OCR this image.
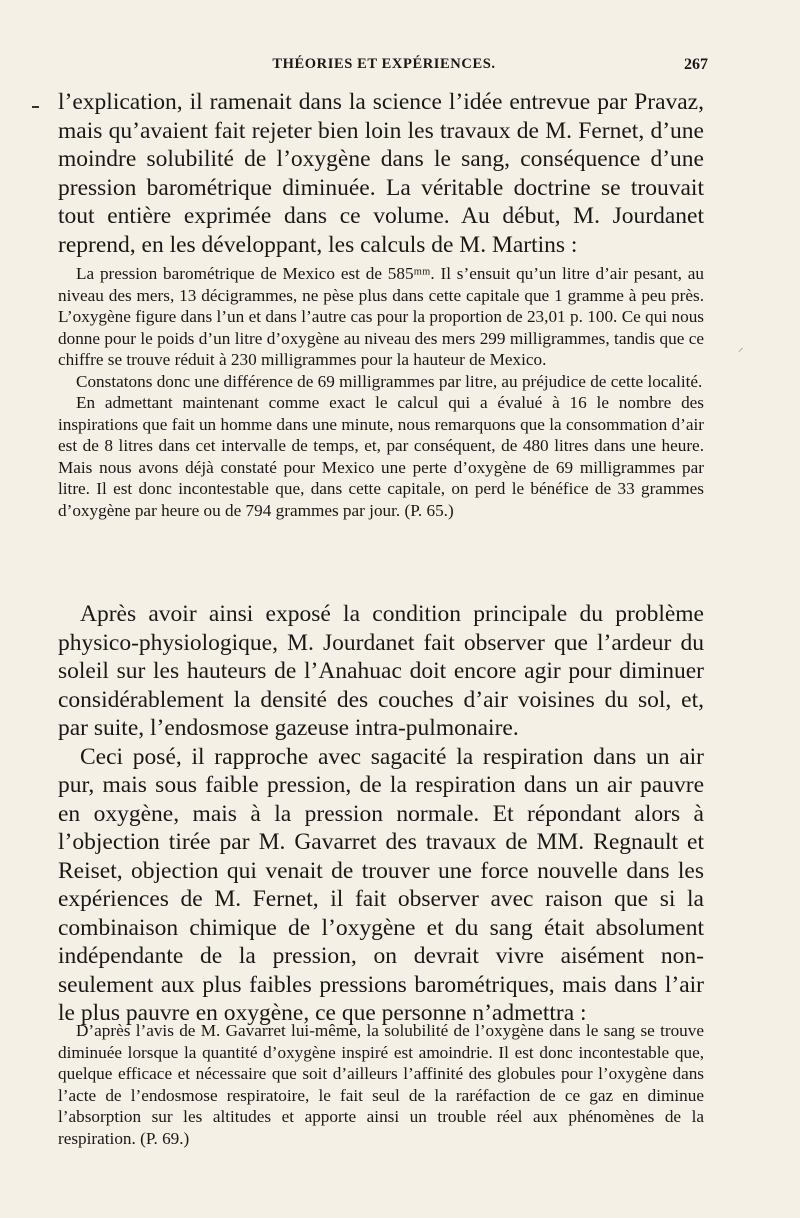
⸝
THÉORIES ET EXPÉRIENCES.	267

l’explication, il ramenait dans la science l’idée entrevue par Pravaz, mais qu’avaient fait rejeter bien loin les travaux de M. Fernet, d’une moindre solubilité de l’oxygène dans le sang, conséquence d’une pression barométrique diminuée. La véritable doctrine se trouvait tout entière exprimée dans ce volume. Au début, M. Jourdanet reprend, en les développant, les calculs de M. Martins :

La pression barométrique de Mexico est de 585ᵐᵐ. Il s’ensuit qu’un litre d’air pesant, au niveau des mers, 13 décigrammes, ne pèse plus dans cette capitale que 1 gramme à peu près. L’oxygène figure dans l’un et dans l’autre cas pour la proportion de 23,01 p. 100. Ce qui nous donne pour le poids d’un litre d’oxygène au niveau des mers 299 milligrammes, tandis que ce chiffre se trouve réduit à 230 milligrammes pour la hauteur de Mexico.

Constatons donc une différence de 69 milligrammes par litre, au préjudice de cette localité.

En admettant maintenant comme exact le calcul qui a évalué à 16 le nombre des inspirations que fait un homme dans une minute, nous remarquons que la consommation d’air est de 8 litres dans cet intervalle de temps, et, par conséquent, de 480 litres dans une heure. Mais nous avons déjà constaté pour Mexico une perte d’oxygène de 69 milligrammes par litre. Il est donc incontestable que, dans cette capitale, on perd le bénéfice de 33 grammes d’oxygène par heure ou de 794 grammes par jour. (P. 65.)

Après avoir ainsi exposé la condition principale du problème physico-physiologique, M. Jourdanet fait observer que l’ardeur du soleil sur les hauteurs de l’Anahuac doit encore agir pour diminuer considérablement la densité des couches d’air voisines du sol, et, par suite, l’endosmose gazeuse intra-pulmonaire.

Ceci posé, il rapproche avec sagacité la respiration dans un air pur, mais sous faible pression, de la respiration dans un air pauvre en oxygène, mais à la pression normale. Et répondant alors à l’objection tirée par M. Gavarret des travaux de MM. Regnault et Reiset, objection qui venait de trouver une force nouvelle dans les expériences de M. Fernet, il fait observer avec raison que si la combinaison chimique de l’oxygène et du sang était absolument indépendante de la pression, on devrait vivre aisément non-seulement aux plus faibles pressions barométriques, mais dans l’air le plus pauvre en oxygène, ce que personne n’admettra :

D’après l’avis de M. Gavarret lui-même, la solubilité de l’oxygène dans le sang se trouve diminuée lorsque la quantité d’oxygène inspiré est amoindrie. Il est donc incontestable que, quelque efficace et nécessaire que soit d’ailleurs l’affinité des globules pour l’oxygène dans l’acte de l’endosmose respiratoire, le fait seul de la raréfaction de ce gaz en diminue l’absorption sur les altitudes et apporte ainsi un trouble réel aux phénomènes de la respiration. (P. 69.)
